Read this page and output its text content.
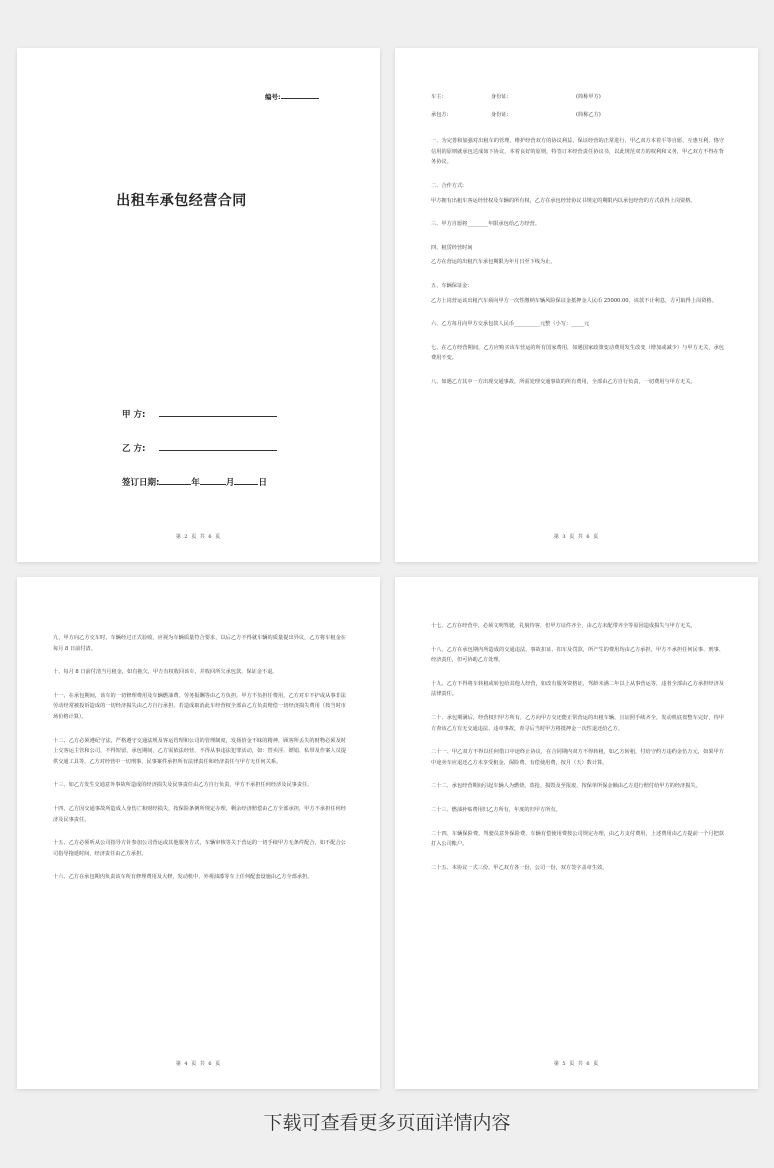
编号:
出租车承包经营合同
甲 方:
乙 方:
签订日期:	年	月	日
第 2 页 共 6 页
车主:	身份证:	(简称甲方)
承包方:	身份证:	(简称乙方)

一、为完善和加强对出租车的管理，维护经营双方的协议利益，保证经营的正常进行，甲乙双方本着平等自愿、互惠互利、恪守信用的原则就承包达成如下协议，本着良好的原则，特签订本经营责任协议书，以此规范双方的权利和义务，甲乙双方不得在背务协议。

二、合作方式:

甲方拥有出租车客运经营权及车辆的所有权，乙方在承包经营协议书规定的期限内以承包经营的方式获得上岗资格。

三、甲方自愿将________年限承包给乙方经营。

四、租赁经营时间

乙方在营运的出租汽车承包期限为年月日至下线为止。

五、车辆保证金:

乙方上岗营运该出租汽车须向甲方一次性缴纳车辆风险保证金抵押金人民币 25000.00，该款不计利息，方可取得上岗资格。

六、乙方每月向甲方交承包款人民币__________元整（小写：_____元

七、在乙方经营期间，乙方应购买该车营运的所有国家费用，如遇国家政策变动费用发生改变（增加或减少）与甲方无关，承包费用不变。

八、如遇乙方其中一方出现交通事故，所需处理交通事故的所有费用，全部由乙方自行负责，一切费用与甲方无关。

第 3 页 共 6 页

九、甲方向乙方交车时，车辆经过正式验收，应视为车辆质量符合要求，以后乙方不得就车辆的质量提出异议，乙方将车租金在每月 8 日前付清。

十、每月 8 日前付清当月租金，如有拖欠，甲方有权收回该车，并收回所欠承包款，保证金不退。

十一、在承包期间，该车的一切修理费用及车辆燃油费、劳务报酬等由乙方负担，甲方不负担任费用，乙方对车不护或从事非法劳动经常被投诉造成的一切经济损失由乙方自行承担，若造成取消此车经营权全部由乙方负责赔偿一切经济损失费用（按当时市场价格计算）。

十二、乙方必须遵纪守法，严格遵守交通法规及客运管理和公司的管理制度，发扬拾金不昧的精神，顾客所丢失的财物必须及时上交客运主管和公司，不得短留，承包期间，乙方需依法经营，不得从事违法犯罪活动，如：替卖淫、嫖娼、私带及作案人员提供交通工具等，乙方对经营中一切刑事、民事案件承担所有法律责任和经济责任与甲方无任何关系。

十三、如乙方发生交通意外事故所造成的经济损失及民事责任由乙方自行负责，甲方不承担任何经济及民事责任。

十四、乙方因交通事故所造成人身伤亡和财经损失，按保险条例所规定办理，剩余经济赔偿由乙方全部承担，甲方不承担任何经济及民事责任。

十五、乙方必须听从公司指导方针参加公司营运或其他服务方式，车辆审核等关于营运的一切手续甲方无条件配合，如不配合公司指导拖延时间，经济责任由乙方承担。

十六、乙方在承包期内负责该车所有修理费用及大修，发动机中、外观油漆等车上任何配套设施由乙方全部承担。

第 4 页 共 6 页

十七、乙方在经营中，必须文明驾驶，礼貌待客，但甲方证件齐全，由乙方未配带齐全等原因造成损失与甲方无关。

十八、乙方在承包期内所造成的交通违法、事故扣证、扣车及罚款，所产生的费用均由乙方承担，甲方不承担任何民事、刑事、经济责任，但可协助乙方处理。

十九、乙方不得将车转租或转包给其他人经营，如改有服务资格证，驾龄未满二年以上从事营运等，违者全部由乙方承担经济及法律责任。

二十、承包期满后，经营权归甲方所有，乙方向甲方交还能正常营运的出租车辆，且证照手续齐全，发动机底盘整车完好，待甲方查该乙方有无交通违法、违章事故，查寻后当时甲方将抵押金一次性退还给乙方。

二十一、甲乙双方不得以任何借口中途终止协议，在合同期内双方不得转租，如乙方转租，付给守约方违约金伍万元，如果甲方中途卖车应退还乙方未享受租金、保险费、有偿使用费，按月（天）数计算。

二十二、承包经营期间引起车辆人为燃烧、盗抢、损毁及至报废，按保单所保金额由乙方进行赔付给甲方的经济损失。

二十三、燃油补贴费用归乙方所有，年度的归甲方所有。

二十四、车辆保险费、驾驶员意外保险费，车辆有偿使用费按公司规定办理，由乙方支付费用，上述费用由乙方提前一个月把款打入公司帐户。

二十五、本协议一式三份，甲乙双方各一份，公司一份，双方签字盖章生效。

第 5 页 共 6 页
下载可查看更多页面详情内容
